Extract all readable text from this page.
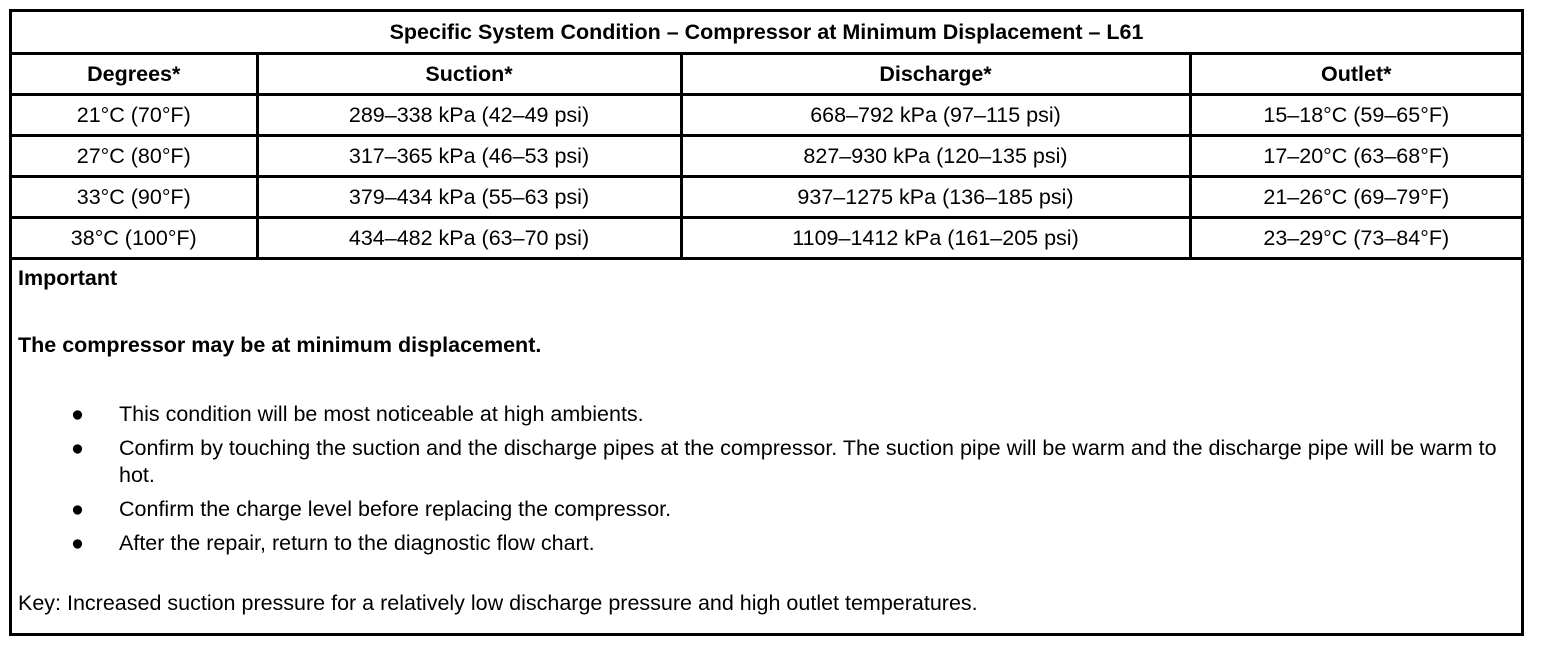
Specific System Condition – Compressor at Minimum Displacement – L61			
Degrees*	Suction*	Discharge*	Outlet*
21°C (70°F)	289–338 kPa (42–49 psi)	668–792 kPa (97–115 psi)	15–18°C (59–65°F)
27°C (80°F)	317–365 kPa (46–53 psi)	827–930 kPa (120–135 psi)	17–20°C (63–68°F)
33°C (90°F)	379–434 kPa (55–63 psi)	937–1275 kPa (136–185 psi)	21–26°C (69–79°F)
38°C (100°F)	434–482 kPa (63–70 psi)	1109–1412 kPa (161–205 psi)	23–29°C (73–84°F)

Important

The compressor may be at minimum displacement.

● This condition will be most noticeable at high ambients.
● Confirm by touching the suction and the discharge pipes at the compressor. The suction pipe will be warm and the discharge pipe will be warm to hot.
● Confirm the charge level before replacing the compressor.
● After the repair, return to the diagnostic flow chart.

Key: Increased suction pressure for a relatively low discharge pressure and high outlet temperatures.
